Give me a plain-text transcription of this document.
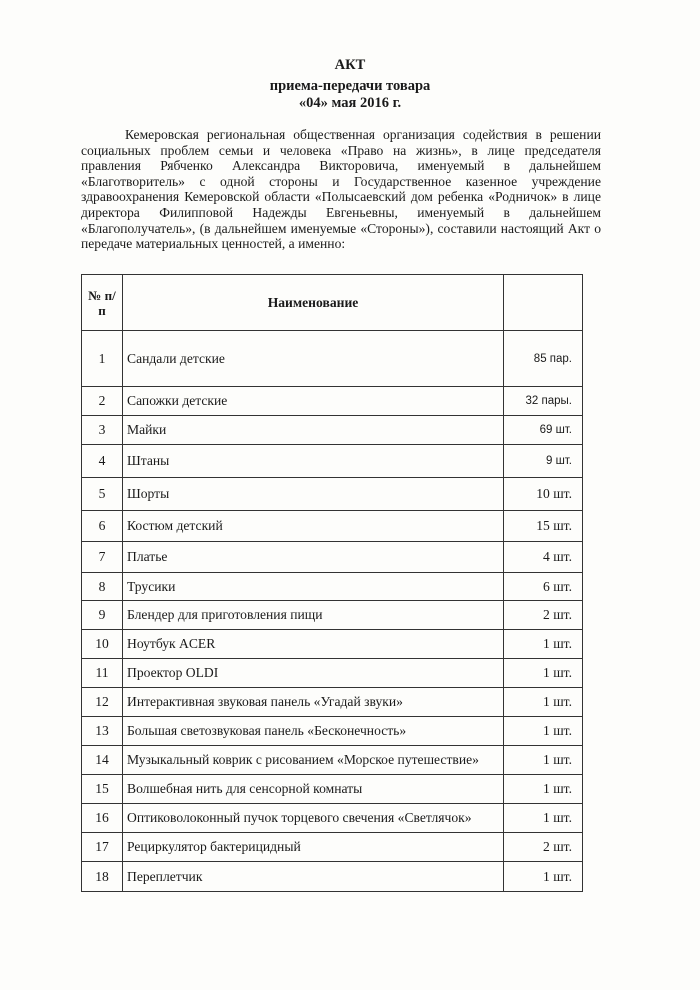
АКТ
приема-передачи товара
«04» мая 2016 г.
Кемеровская региональная общественная организация содействия в решении социальных проблем семьи и человека «Право на жизнь», в лице председателя правления Рябченко Александра Викторовича, именуемый в дальнейшем «Благотворитель» с одной стороны и Государственное казенное учреждение здравоохранения Кемеровской области «Полысаевский дом ребенка «Родничок» в лице директора Филипповой Надежды Евгеньевны, именуемый в дальнейшем «Благополучатель», (в дальнейшем именуемые «Стороны»), составили настоящий Акт о передаче материальных ценностей, а именно:
№ п/п	Наименование	
1	Сандали детские	85 пар.
2	Сапожки детские	32 пары.
3	Майки	69 шт.
4	Штаны	9 шт.
5	Шорты	10 шт.
6	Костюм детский	15 шт.
7	Платье	4 шт.
8	Трусики	6 шт.
9	Блендер для приготовления пищи	2 шт.
10	Ноутбук ACER	1 шт.
11	Проектор OLDI	1 шт.
12	Интерактивная звуковая панель «Угадай звуки»	1 шт.
13	Большая светозвуковая панель «Бесконечность»	1 шт.
14	Музыкальный коврик с рисованием «Морское путешествие»	1 шт.
15	Волшебная нить для сенсорной комнаты	1 шт.
16	Оптиковолоконный пучок торцевого свечения «Светлячок»	1 шт.
17	Рециркулятор бактерицидный	2 шт.
18	Переплетчик	1 шт.
